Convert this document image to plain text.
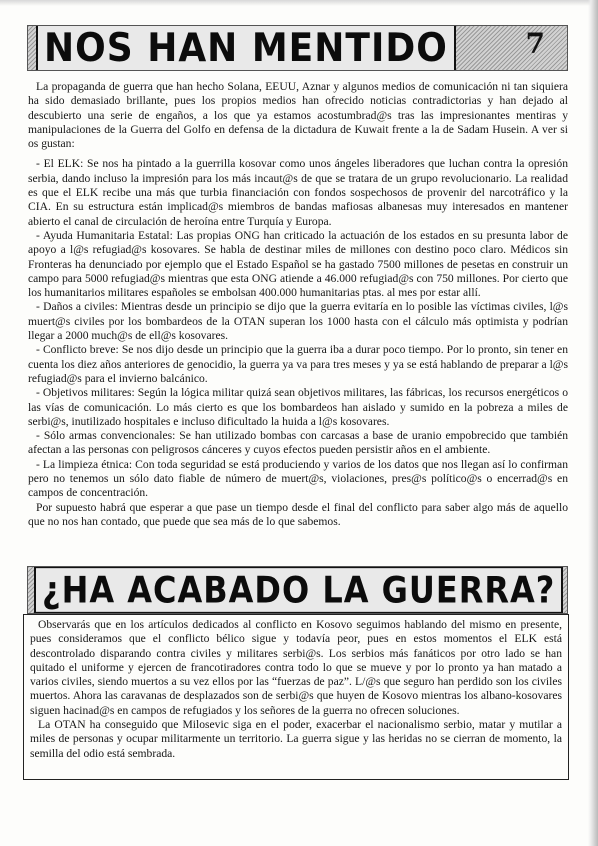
NOS HAN MENTIDO	7

La propaganda de guerra que han hecho Solana, EEUU, Aznar y algunos medios de comunicación ni tan siquiera ha sido demasiado brillante, pues los propios medios han ofrecido noticias contradictorias y han dejado al descubierto una serie de engaños, a los que ya estamos acostumbrad@s tras las impresionantes mentiras y manipulaciones de la Guerra del Golfo en defensa de la dictadura de Kuwait frente a la de Sadam Husein. A ver si os gustan:

- El ELK: Se nos ha pintado a la guerrilla kosovar como unos ángeles liberadores que luchan contra la opresión serbia, dando incluso la impresión para los más incaut@s de que se tratara de un grupo revolucionario. La realidad es que el ELK recibe una más que turbia financiación con fondos sospechosos de provenir del narcotráfico y la CIA. En su estructura están implicad@s miembros de bandas mafiosas albanesas muy interesados en mantener abierto el canal de circulación de heroína entre Turquía y Europa.

- Ayuda Humanitaria Estatal: Las propias ONG han criticado la actuación de los estados en su presunta labor de apoyo a l@s refugiad@s kosovares. Se habla de destinar miles de millones con destino poco claro. Médicos sin Fronteras ha denunciado por ejemplo que el Estado Español se ha gastado 7500 millones de pesetas en construir un campo para 5000 refugiad@s mientras que esta ONG atiende a 46.000 refugiad@s con 750 millones. Por cierto que los humanitarios militares españoles se embolsan 400.000 humanitarias ptas. al mes por estar allí.

- Daños a civiles: Mientras desde un principio se dijo que la guerra evitaría en lo posible las víctimas civiles, l@s muert@s civiles por los bombardeos de la OTAN superan los 1000 hasta con el cálculo más optimista y podrían llegar a 2000 much@s de ell@s kosovares.

- Conflicto breve: Se nos dijo desde un principio que la guerra iba a durar poco tiempo. Por lo pronto, sin tener en cuenta los diez años anteriores de genocidio, la guerra ya va para tres meses y ya se está hablando de preparar a l@s refugiad@s para el invierno balcánico.

- Objetivos militares: Según la lógica militar quizá sean objetivos militares, las fábricas, los recursos energéticos o las vías de comunicación. Lo más cierto es que los bombardeos han aislado y sumido en la pobreza a miles de serbi@s, inutilizado hospitales e incluso dificultado la huida a l@s kosovares.

- Sólo armas convencionales: Se han utilizado bombas con carcasas a base de uranio empobrecido que también afectan a las personas con peligrosos cánceres y cuyos efectos pueden persistir años en el ambiente.

- La limpieza étnica: Con toda seguridad se está produciendo y varios de los datos que nos llegan así lo confirman pero no tenemos un sólo dato fiable de número de muert@s, violaciones, pres@s político@s o encerrad@s en campos de concentración.

Por supuesto habrá que esperar a que pase un tiempo desde el final del conflicto para saber algo más de aquello que no nos han contado, que puede que sea más de lo que sabemos.

¿HA ACABADO LA GUERRA?

Observarás que en los artículos dedicados al conflicto en Kosovo seguimos hablando del mismo en presente, pues consideramos que el conflicto bélico sigue y todavía peor, pues en estos momentos el ELK está descontrolado disparando contra civiles y militares serbi@s. Los serbios más fanáticos por otro lado se han quitado el uniforme y ejercen de francotiradores contra todo lo que se mueve y por lo pronto ya han matado a varios civiles, siendo muertos a su vez ellos por las “fuerzas de paz”. L/@s que seguro han perdido son los civiles muertos. Ahora las caravanas de desplazados son de serbi@s que huyen de Kosovo mientras los albano-kosovares siguen hacinad@s en campos de refugiados y los señores de la guerra no ofrecen soluciones.

La OTAN ha conseguido que Milosevic siga en el poder, exacerbar el nacionalismo serbio, matar y mutilar a miles de personas y ocupar militarmente un territorio. La guerra sigue y las heridas no se cierran de momento, la semilla del odio está sembrada.
